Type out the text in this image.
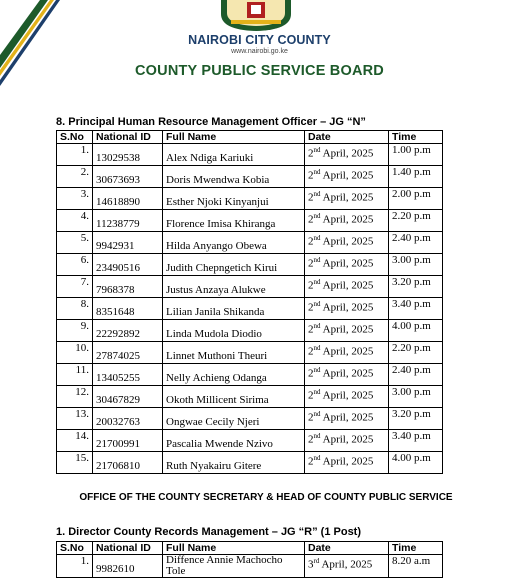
NAIROBI CITY COUNTY
www.nairobi.go.ke
COUNTY PUBLIC SERVICE BOARD
8. Principal Human Resource Management Officer – JG “N”
S.No	National ID	Full Name	Date	Time
1.	13029538	Alex Ndiga Kariuki	2nd April, 2025	1.00 p.m
2.	30673693	Doris Mwendwa Kobia	2nd April, 2025	1.40 p.m
3.	14618890	Esther Njoki Kinyanjui	2nd April, 2025	2.00 p.m
4.	11238779	Florence Imisa Khiranga	2nd April, 2025	2.20 p.m
5.	9942931	Hilda Anyango Obewa	2nd April, 2025	2.40 p.m
6.	23490516	Judith Chepngetich Kirui	2nd April, 2025	3.00 p.m
7.	7968378	Justus Anzaya Alukwe	2nd April, 2025	3.20 p.m
8.	8351648	Lilian Janila Shikanda	2nd April, 2025	3.40 p.m
9.	22292892	Linda Mudola Diodio	2nd April, 2025	4.00 p.m
10.	27874025	Linnet Muthoni Theuri	2nd April, 2025	2.20 p.m
11.	13405255	Nelly Achieng Odanga	2nd April, 2025	2.40 p.m
12.	30467829	Okoth Millicent Sirima	2nd April, 2025	3.00 p.m
13.	20032763	Ongwae Cecily Njeri	2nd April, 2025	3.20 p.m
14.	21700991	Pascalia Mwende Nzivo	2nd April, 2025	3.40 p.m
15.	21706810	Ruth Nyakairu Gitere	2nd April, 2025	4.00 p.m
OFFICE OF THE COUNTY SECRETARY & HEAD OF COUNTY PUBLIC SERVICE
1. Director County Records Management – JG “R” (1 Post)
S.No	National ID	Full Name	Date	Time
1.	9982610	Diffence Annie Machocho Tole	3rd April, 2025	8.20 a.m
